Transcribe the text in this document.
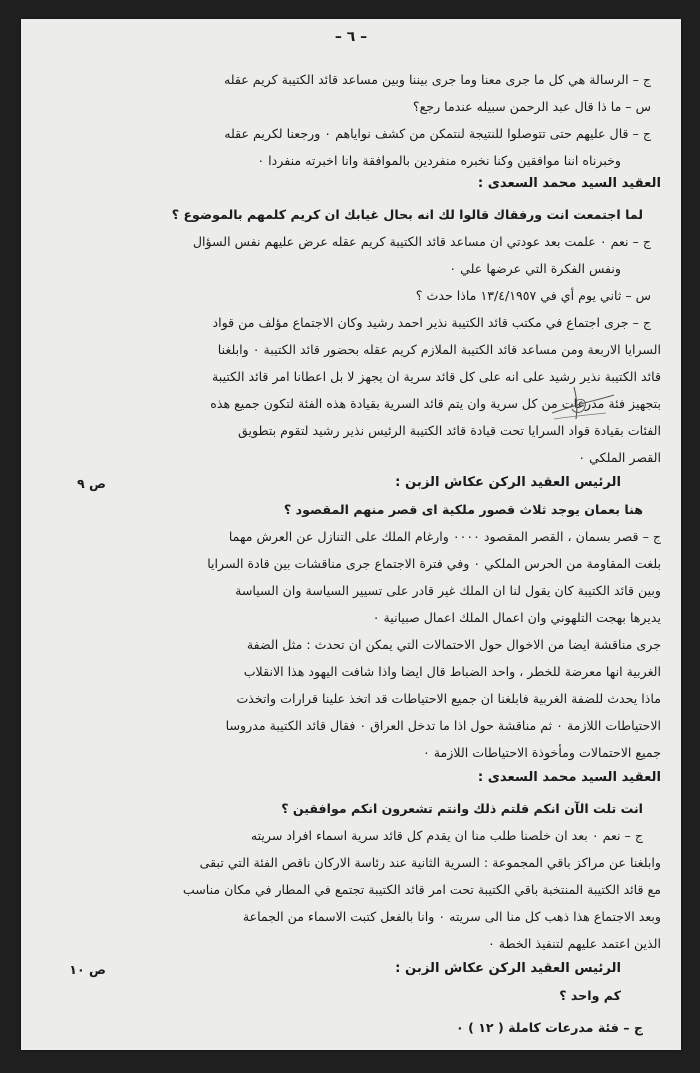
– ٦ –
ج – الرسالة هي كل ما جرى معنا وما جرى بيننا وبين مساعد قائد الكتيبة كريم عقله
س – ما ذا قال عبد الرحمن سبيله عندما رجع؟
ج – قال عليهم حتى تتوصلوا للنتيجة لنتمكن من كشف نواياهم ٠ ورجعنا لكريم عقله
وخبرناه اننا موافقين وكنا نخبره منفردين بالموافقة وانا اخبرته منفردا ٠
العقيد السيد محمد السعدى :
لما اجتمعت انت ورفقاك قالوا لك انه بحال غيابك ان كريم كلمهم بالموضوع ؟
ج – نعم ٠ علمت بعد عودتي ان مساعد قائد الكتيبة كريم عقله عرض عليهم نفس السؤال
ونفس الفكرة التي عرضها علي ٠
س – ثاني يوم أي في ١٣/٤/١٩٥٧ ماذا حدث ؟
ج – جرى اجتماع في مكتب قائد الكتيبة نذير احمد رشيد وكان الاجتماع مؤلف من قواد
السرايا الاربعة ومن مساعد قائد الكتيبة الملازم كريم عقله بحضور قائد الكتيبة ٠ وابلغنا
قائد الكتيبة نذير رشيد على انه على كل قائد سرية ان يجهز لا بل اعطانا امر قائد الكتيبة
بتجهيز فئة مدرعات من كل سرية وان يتم قائد السرية بقيادة هذه الفئة لتكون جميع هذه
الفئات بقيادة قواد السرايا تحت قيادة قائد الكتيبة الرئيس نذير رشيد لتقوم بتطويق
القصر الملكي ٠
الرئيس العقيد الركن عكاش الزبن :
هنا بعمان يوجد ثلاث قصور ملكية اى قصر منهم المقصود ؟
ج – قصر بسمان ، القصر المقصود ٠٠٠٠ وارغام الملك على التنازل عن العرش مهما
بلغت المقاومة من الحرس الملكي ٠ وفي فترة الاجتماع جرى مناقشات بين قادة السرايا
وبين قائد الكتيبة كان يقول لنا ان الملك غير قادر على تسيير السياسة وان السياسة
يديرها بهجت التلهوني وان اعمال الملك اعمال صبيانية ٠
جرى مناقشة ايضا من الاخوال حول الاحتمالات التي يمكن ان تحدث : مثل الضفة
الغربية انها معرضة للخطر ، واحد الضباط قال ايضا واذا شافت اليهود هذا الانقلاب
ماذا يحدث للضفة الغربية فابلغنا ان جميع الاحتياطات قد اتخذ علينا قرارات واتخذت
الاحتياطات اللازمة ٠ ثم مناقشة حول اذا ما تدخل العراق ٠ فقال قائد الكتيبة مدروسا
جميع الاحتمالات ومأخوذة الاحتياطات اللازمة ٠
العقيد السيد محمد السعدى :
انت تلت الآن انكم قلتم ذلك وانتم تشعرون انكم موافقين ؟
ج – نعم ٠ بعد ان خلصنا طلب منا ان يقدم كل قائد سرية اسماء افراد سريته
وابلغنا عن مراكز باقي المجموعة : السرية الثانية عند رئاسة الاركان ناقص الفئة التي تبقى
مع قائد الكتيبة المنتخبة باقي الكتيبة تحت امر قائد الكتيبة تجتمع في المطار في مكان مناسب
وبعد الاجتماع هذا ذهب كل منا الى سريته ٠ وانا بالفعل كتبت الاسماء من الجماعة
الذين اعتمد عليهم لتنفيذ الخطة ٠
الرئيس العقيد الركن عكاش الزبن :
كم واحد ؟
ج – فئة مدرعات كاملة ( ١٢ ) ٠
ص ٩
ص ١٠
